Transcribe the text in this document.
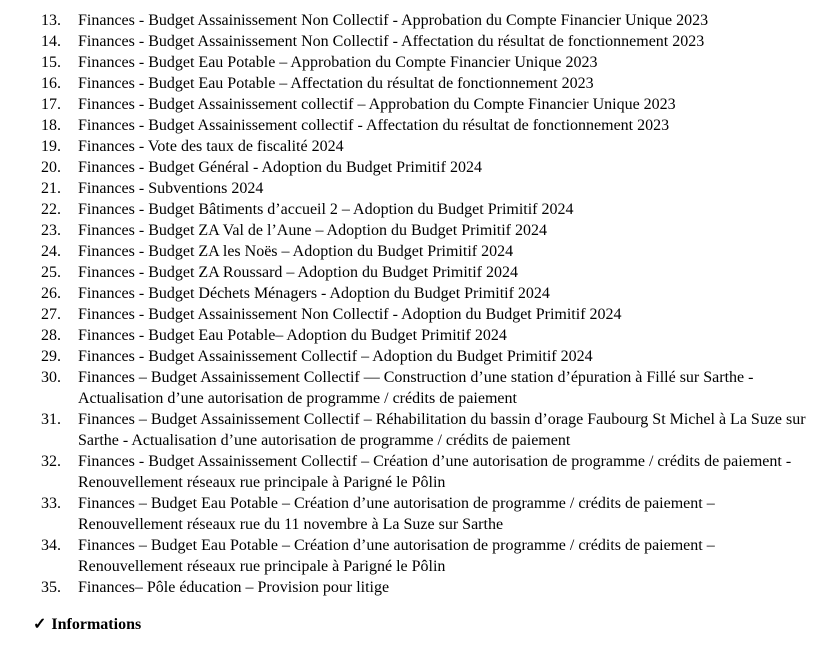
13.	Finances - Budget Assainissement Non Collectif - Approbation du Compte Financier Unique 2023
14.	Finances - Budget Assainissement Non Collectif - Affectation du résultat de fonctionnement 2023
15.	Finances - Budget Eau Potable – Approbation du Compte Financier Unique 2023
16.	Finances - Budget Eau Potable – Affectation du résultat de fonctionnement 2023
17.	Finances - Budget Assainissement collectif – Approbation du Compte Financier Unique 2023
18.	Finances - Budget Assainissement collectif - Affectation du résultat de fonctionnement 2023
19.	Finances - Vote des taux de fiscalité 2024
20.	Finances - Budget Général - Adoption du Budget Primitif 2024
21.	Finances - Subventions 2024
22.	Finances - Budget Bâtiments d’accueil 2 – Adoption du Budget Primitif 2024
23.	Finances - Budget ZA Val de l’Aune – Adoption du Budget Primitif 2024
24.	Finances - Budget ZA les Noës – Adoption du Budget Primitif 2024
25.	Finances - Budget ZA Roussard – Adoption du Budget Primitif 2024
26.	Finances - Budget Déchets Ménagers - Adoption du Budget Primitif 2024
27.	Finances - Budget Assainissement Non Collectif - Adoption du Budget Primitif 2024
28.	Finances - Budget Eau Potable– Adoption du Budget Primitif 2024
29.	Finances - Budget Assainissement Collectif – Adoption du Budget Primitif 2024
30.	Finances – Budget Assainissement Collectif — Construction d’une station d’épuration à Fillé sur Sarthe - Actualisation d’une autorisation de programme / crédits de paiement
31.	Finances – Budget Assainissement Collectif – Réhabilitation du bassin d’orage Faubourg St Michel à La Suze sur Sarthe - Actualisation d’une autorisation de programme / crédits de paiement
32.	Finances - Budget Assainissement Collectif – Création d’une autorisation de programme / crédits de paiement - Renouvellement réseaux rue principale à Parigné le Pôlin
33.	Finances – Budget Eau Potable – Création d’une autorisation de programme / crédits de paiement – Renouvellement réseaux rue du 11 novembre à La Suze sur Sarthe
34.	Finances – Budget Eau Potable – Création d’une autorisation de programme / crédits de paiement – Renouvellement réseaux rue principale à Parigné le Pôlin
35.	Finances– Pôle éducation – Provision pour litige
✓ Informations
